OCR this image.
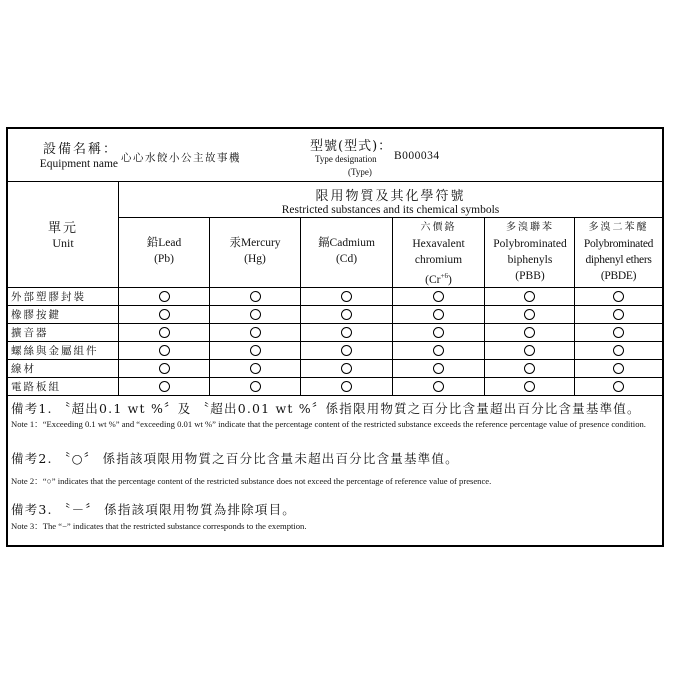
設備名稱：
Equipment name 心心水餃小公主故事機
型號(型式)：
Type designation
(Type)
B000034
單元
Unit
限用物質及其化學符號
Restricted substances and its chemical symbols
鉛Lead
(Pb)
汞Mercury
(Hg)
鎘Cadmium
(Cd)
六價鉻
Hexavalent
chromium
$(Cr^{+6})$
多溴聯苯
Polybrominated
biphenyls
(PBB)
多溴二苯醚
Polybrominated
diphenyl ethers
(PBDE)
備考1. 〝超出0.1 wt %〞及 〝超出0.01 wt %〞係指限用物質之百分比含量超出百分比含量基準值。
Note 1：“Exceeding 0.1 wt %” and “exceeding 0.01 wt %” indicate that the percentage content of the restricted substance exceeds the reference percentage value of presence condition.
備考2. 〝○〞 係指該項限用物質之百分比含量未超出百分比含量基準值。
Note 2：“○” indicates that the percentage content of the restricted substance does not exceed the percentage of reference value of presence.
備考3. 〝－〞 係指該項限用物質為排除項目。
Note 3：The “−” indicates that the restricted substance corresponds to the exemption.
外部塑膠封裝
橡膠按鍵
擴音器
螺絲與金屬組件
線材
電路板組
